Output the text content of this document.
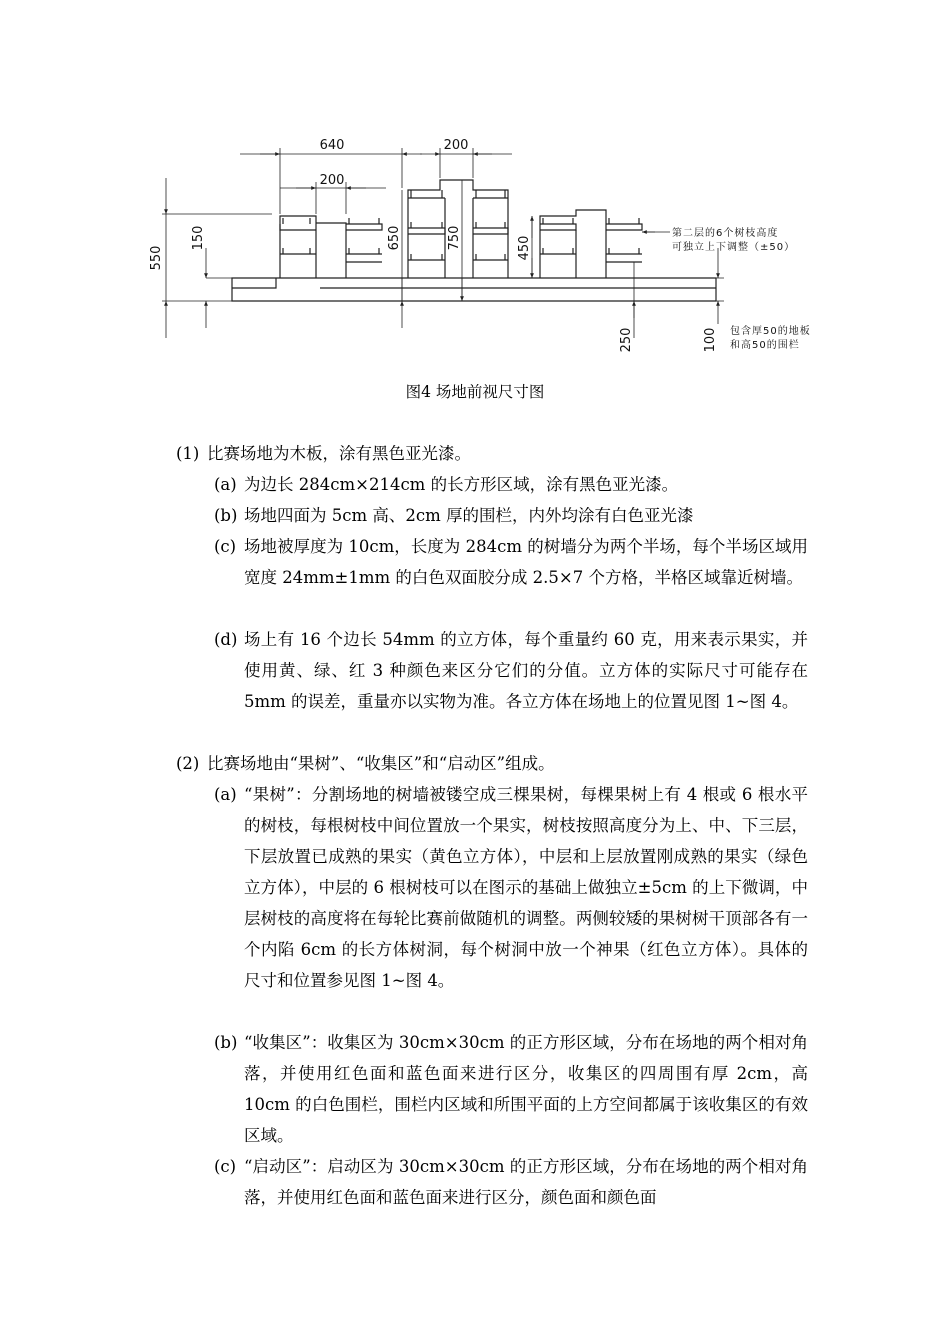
640	200
200
550
150	650	750	450
250	100
第二层的6个树枝高度
可独立上下调整（±50）
包含厚50的地板
和高50的围栏
图4 场地前视尺寸图
(1) 比赛场地为木板，涂有黑色亚光漆。
(a) 为边长 284cm×214cm 的长方形区域，涂有黑色亚光漆。
(b) 场地四面为 5cm 高、2cm 厚的围栏，内外均涂有白色亚光漆
(c) 场地被厚度为 10cm，长度为 284cm 的树墙分为两个半场，每个半场区域用宽度 24mm±1mm 的白色双面胶分成 2.5×7 个方格，半格区域靠近树墙。
(d) 场上有 16 个边长 54mm 的立方体，每个重量约 60 克，用来表示果实，并使用黄、绿、红 3 种颜色来区分它们的分值。立方体的实际尺寸可能存在 5mm 的误差，重量亦以实物为准。各立方体在场地上的位置见图 1~图 4。
(2) 比赛场地由“果树”、“收集区”和“启动区”组成。
(a) “果树”：分割场地的树墙被镂空成三棵果树，每棵果树上有 4 根或 6 根水平的树枝，每根树枝中间位置放一个果实，树枝按照高度分为上、中、下三层，下层放置已成熟的果实（黄色立方体），中层和上层放置刚成熟的果实（绿色立方体），中层的 6 根树枝可以在图示的基础上做独立±5cm 的上下微调，中层树枝的高度将在每轮比赛前做随机的调整。两侧较矮的果树树干顶部各有一个内陷 6cm 的长方体树洞，每个树洞中放一个神果（红色立方体）。具体的尺寸和位置参见图 1~图 4。
(b) “收集区”：收集区为 30cm×30cm 的正方形区域，分布在场地的两个相对角落，并使用红色面和蓝色面来进行区分，收集区的四周围有厚 2cm，高 10cm 的白色围栏，围栏内区域和所围平面的上方空间都属于该收集区的有效区域。
(c) “启动区”：启动区为 30cm×30cm 的正方形区域，分布在场地的两个相对角落，并使用红色面和蓝色面来进行区分，颜色面和颜色面
